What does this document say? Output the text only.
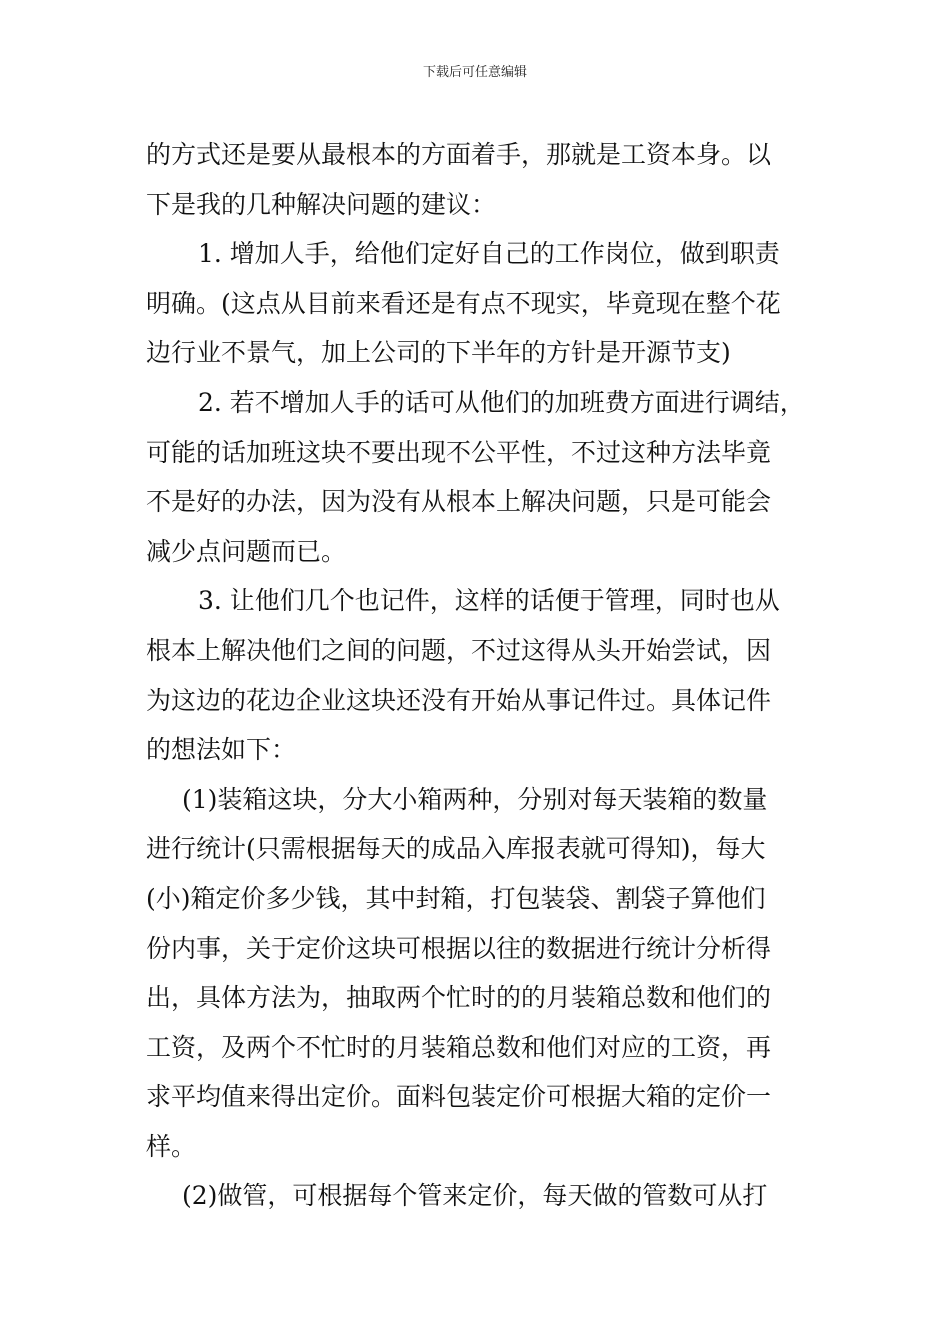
下载后可任意编辑
的方式还是要从最根本的方面着手，那就是工资本身。以
下是我的几种解决问题的建议：
1. 增加人手，给他们定好自己的工作岗位，做到职责
明确。(这点从目前来看还是有点不现实，毕竟现在整个花
边行业不景气，加上公司的下半年的方针是开源节支)
2. 若不增加人手的话可从他们的加班费方面进行调结，
可能的话加班这块不要出现不公平性，不过这种方法毕竟
不是好的办法，因为没有从根本上解决问题，只是可能会
减少点问题而已。
3. 让他们几个也记件，这样的话便于管理，同时也从
根本上解决他们之间的问题，不过这得从头开始尝试，因
为这边的花边企业这块还没有开始从事记件过。具体记件
的想法如下：
(1)装箱这块，分大小箱两种，分别对每天装箱的数量
进行统计(只需根据每天的成品入库报表就可得知)，每大
(小)箱定价多少钱，其中封箱，打包装袋、割袋子算他们
份内事，关于定价这块可根据以往的数据进行统计分析得
出，具体方法为，抽取两个忙时的的月装箱总数和他们的
工资，及两个不忙时的月装箱总数和他们对应的工资，再
求平均值来得出定价。面料包装定价可根据大箱的定价一
样。
(2)做管，可根据每个管来定价，每天做的管数可从打
